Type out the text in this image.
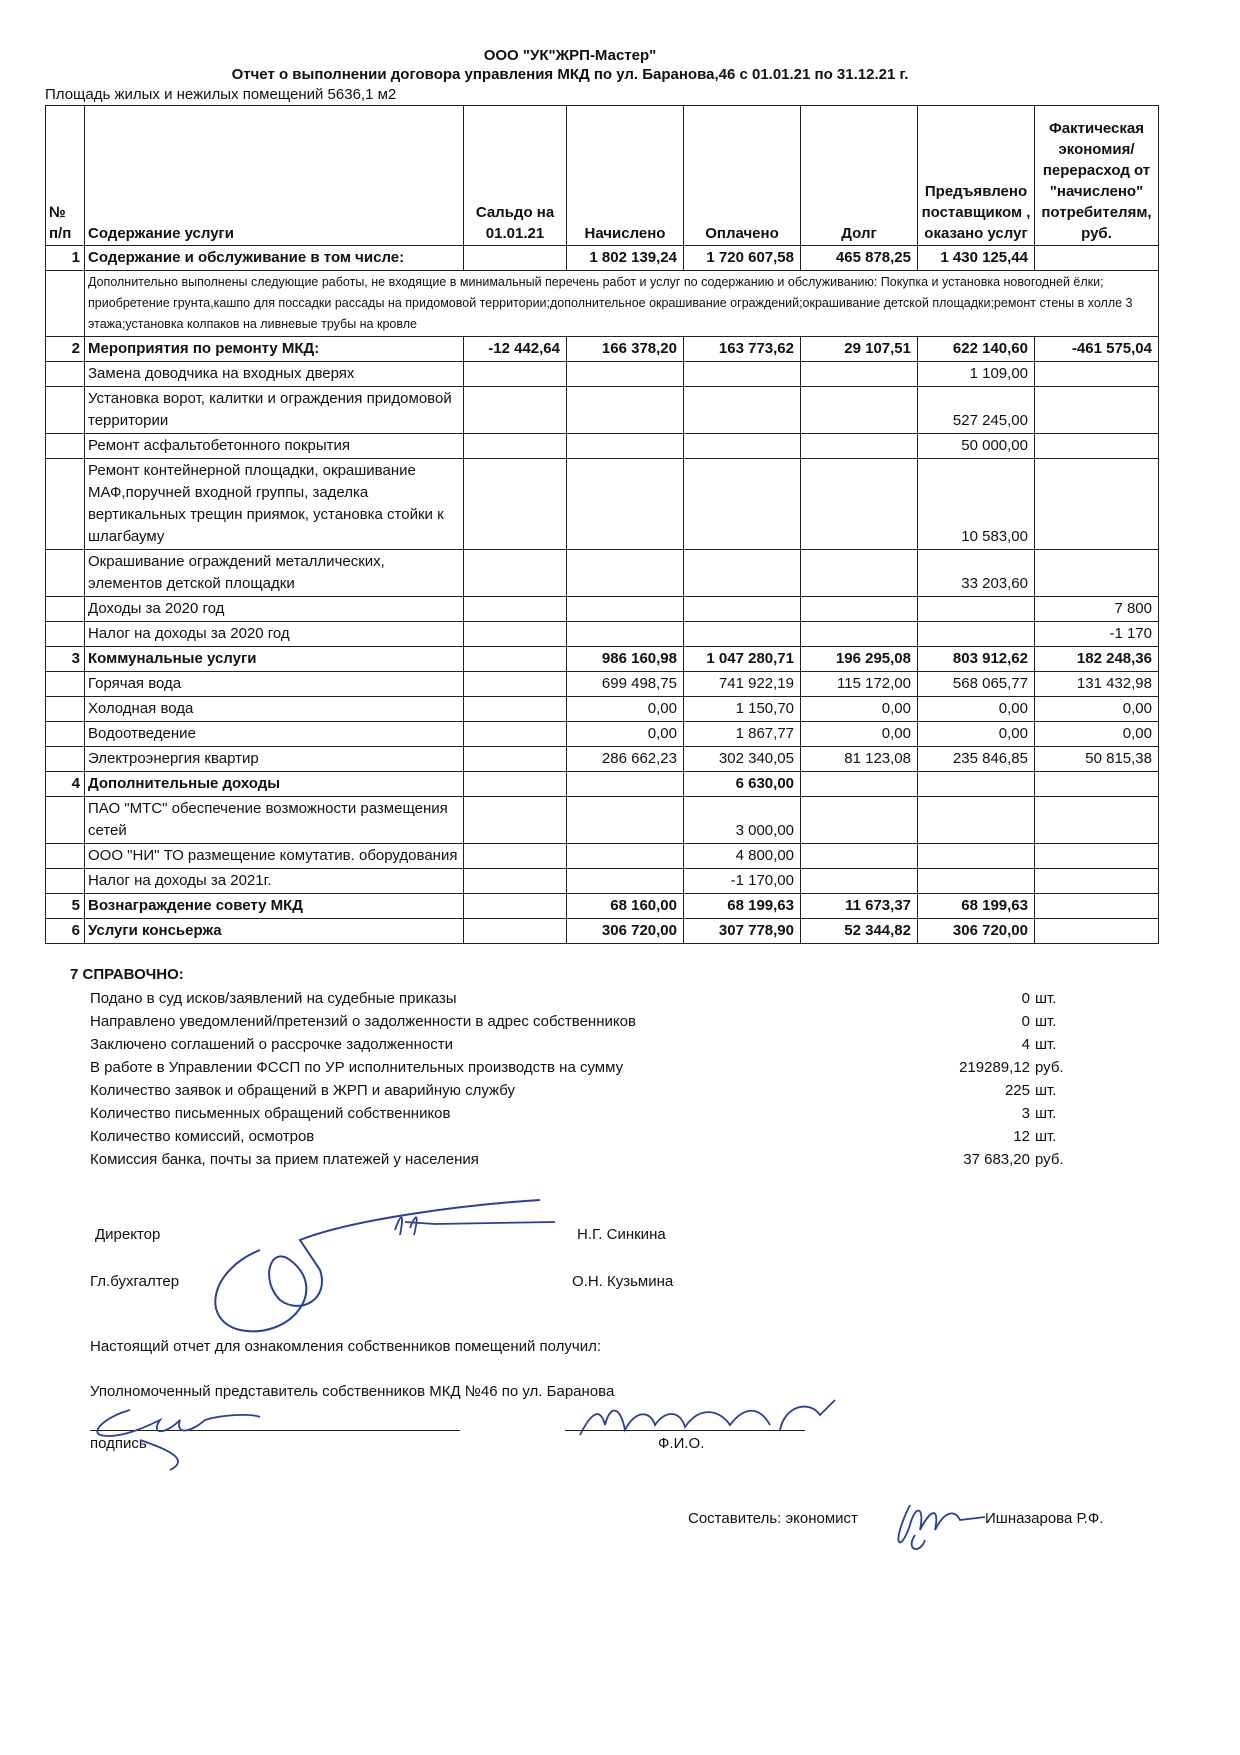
ООО "УК"ЖРП-Мастер"
Отчет о выполнении договора управления МКД по ул. Баранова,46 с 01.01.21 по 31.12.21 г.
Площадь жилых и нежилых помещений 5636,1 м2
№ п/п	Содержание услуги	Сальдо на 01.01.21	Начислено	Оплачено	Долг	Предъявлено поставщиком , оказано услуг	Фактическая экономия/перерасход от "начислено" потребителям, руб.
1	Содержание и обслуживание в том числе:		1 802 139,24	1 720 607,58	465 878,25	1 430 125,44	
	Дополнительно выполнены следующие работы, не входящие в минимальный перечень работ и услуг по содержанию и обслуживанию: Покупка и установка новогодней ёлки; приобретение грунта,кашпо для поссадки рассады на придомовой территории;дополнительное окрашивание ограждений;окрашивание детской площадки;ремонт стены в холле 3 этажа;установка колпаков на ливневые трубы на кровле						
2	Мероприятия по ремонту МКД:	-12 442,64	166 378,20	163 773,62	29 107,51	622 140,60	-461 575,04
	Замена доводчика на входных дверях					1 109,00	
	Установка ворот, калитки и ограждения придомовой территории					527 245,00	
	Ремонт асфальтобетонного покрытия					50 000,00	
	Ремонт контейнерной площадки, окрашивание МАФ,поручней входной группы, заделка вертикальных трещин приямок, установка стойки к шлагбауму					10 583,00	
	Окрашивание ограждений металлических, элементов детской площадки					33 203,60	
	Доходы за 2020 год						7 800
	Налог на доходы за 2020 год						-1 170
3	Коммунальные услуги		986 160,98	1 047 280,71	196 295,08	803 912,62	182 248,36
	Горячая вода		699 498,75	741 922,19	115 172,00	568 065,77	131 432,98
	Холодная вода		0,00	1 150,70	0,00	0,00	0,00
	Водоотведение		0,00	1 867,77	0,00	0,00	0,00
	Электроэнергия квартир		286 662,23	302 340,05	81 123,08	235 846,85	50 815,38
4	Дополнительные доходы			6 630,00			
	ПАО "МТС" обеспечение возможности размещения сетей			3 000,00			
	ООО "НИ" ТО размещение комутатив. оборудования			4 800,00			
	Налог на доходы за 2021г.			-1 170,00			
5	Вознаграждение совету МКД		68 160,00	68 199,63	11 673,37	68 199,63	
6	Услуги консьержа		306 720,00	307 778,90	52 344,82	306 720,00	
7 СПРАВОЧНО:
Подано в суд исков/заявлений на судебные приказы	0 шт.
Направлено уведомлений/претензий о задолженности в адрес собственников	0 шт.
Заключено соглашений о рассрочке задолженности	4 шт.
В работе в Управлении ФССП по УР исполнительных производств на сумму	219289,12 руб.
Количество заявок и обращений в ЖРП и аварийную службу	225 шт.
Количество письменных обращений собственников	3 шт.
Количество комиссий, осмотров	12 шт.
Комиссия банка, почты за прием платежей у населения	37 683,20 руб.
Директор	Н.Г. Синкина
Гл.бухгалтер	О.Н. Кузьмина
Настоящий отчет для ознакомления собственников помещений получил:
Уполномоченный представитель собственников МКД №46 по ул. Баранова
подпись	Ф.И.О.
Составитель: экономист	Ишназарова Р.Ф.
